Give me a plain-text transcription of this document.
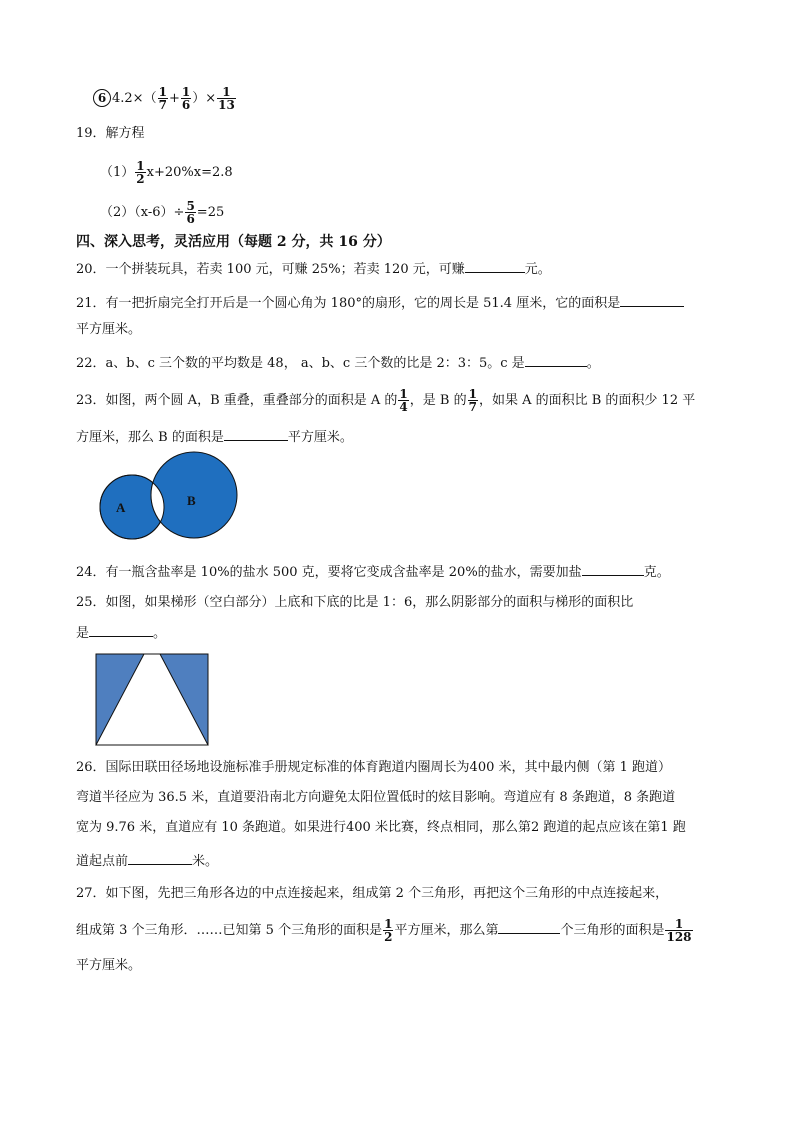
6 $4.2\times( \frac{1}{7} + \frac{1}{6}$ ）× $\frac{1}{13}$
19．解方程
$(1) \frac{1}{2} x+20\%x=2.8$
$(2)(x-6)\div \frac{5}{6} =25$
四、深入思考，灵活应用（每题 2 分，共 16 分）
20．一个拼装玩具，若卖 100 元，可赚 25%；若卖 120 元，可赚	元。
21．有一把折扇完全打开后是一个圆心角为 180°的扇形，它的周长是 51.4 厘米，它的面积是
平方厘米。
22．a、b、c 三个数的平均数是 48， a、b、c 三个数的比是 2：3：5。c 是	。
23．如图，两个圆 A，B 重叠，重叠部分的面积是 A 的 $\frac{1}{4}$ ，是 B 的 $\frac{1}{7}$ ，如果 A 的面积比 B 的面积少 12 平
方厘米，那么 B 的面积是	平方厘米。
A	B
24．有一瓶含盐率是 10%的盐水 500 克，要将它变成含盐率是 20%的盐水，需要加盐	克。
25．如图，如果梯形（空白部分）上底和下底的比是 1：6，那么阴影部分的面积与梯形的面积比
是	。
26．国际田联田径场地设施标准手册规定标准的体育跑道内圈周长为400 米，其中最内侧（第 1 跑道）
弯道半径应为 36.5 米，直道要沿南北方向避免太阳位置低时的炫目影响。弯道应有 8 条跑道，8 条跑道
宽为 9.76 米，直道应有 10 条跑道。如果进行400 米比赛，终点相同，那么第2 跑道的起点应该在第1 跑
道起点前	米。
27．如下图，先把三角形各边的中点连接起来，组成第 2 个三角形，再把这个三角形的中点连接起来，
组成第 3 个三角形．……已知第 5 个三角形的面积是 $\frac{1}{2}$ 平方厘米，那么第	个三角形的面积是 $\frac{1}{128}$
平方厘米。
